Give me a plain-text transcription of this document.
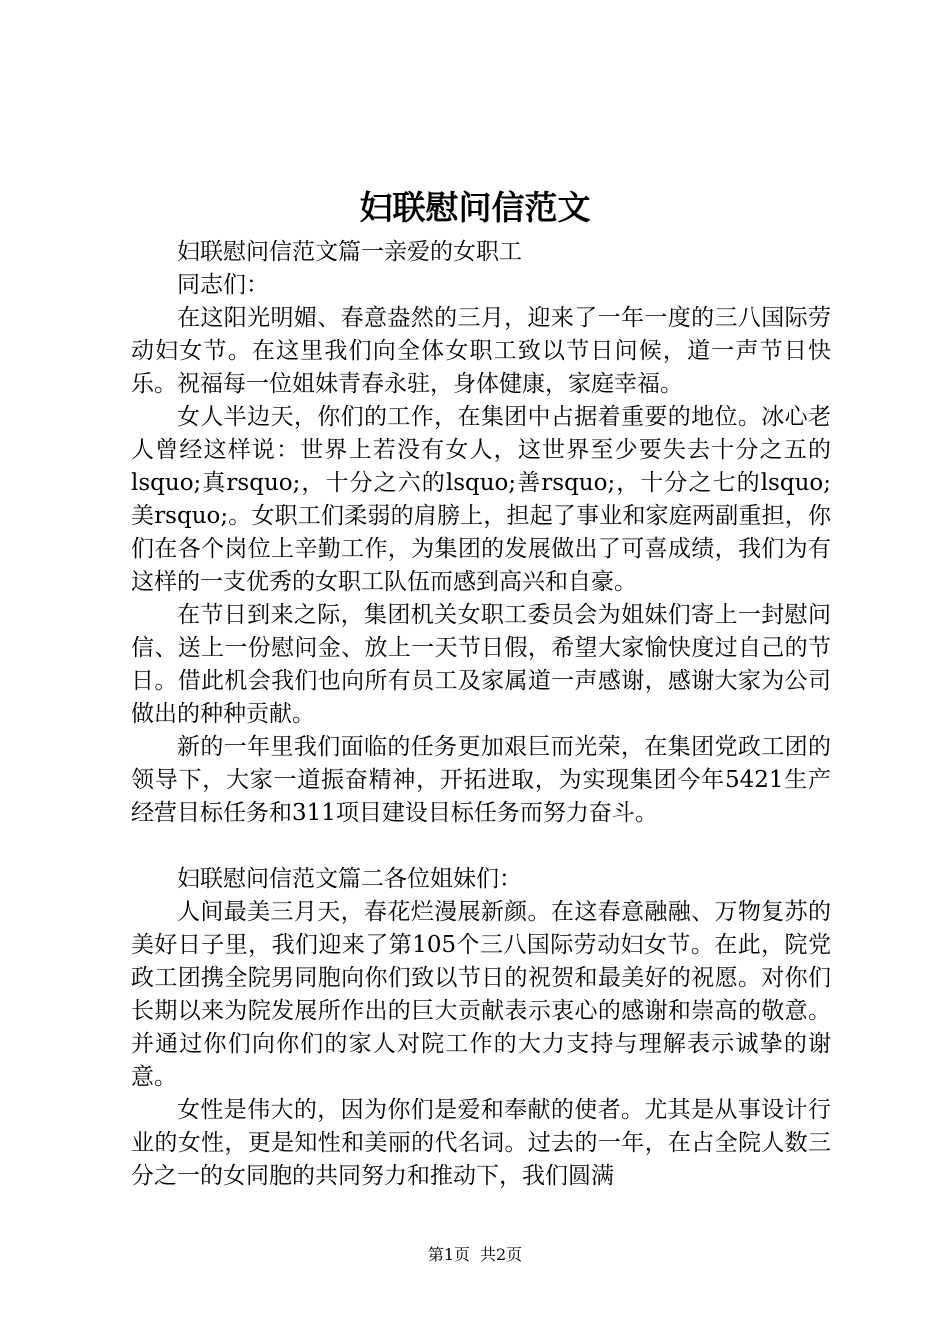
妇联慰问信范文

妇联慰问信范文篇一亲爱的女职工

同志们：

在这阳光明媚、春意盎然的三月，迎来了一年一度的三八国际劳动妇女节。在这里我们向全体女职工致以节日问候，道一声节日快乐。祝福每一位姐妹青春永驻，身体健康，家庭幸福。

女人半边天，你们的工作，在集团中占据着重要的地位。冰心老人曾经这样说：世界上若没有女人，这世界至少要失去十分之五的lsquo;真rsquo;，十分之六的lsquo;善rsquo;，十分之七的lsquo;美rsquo;。女职工们柔弱的肩膀上，担起了事业和家庭两副重担，你们在各个岗位上辛勤工作，为集团的发展做出了可喜成绩，我们为有这样的一支优秀的女职工队伍而感到高兴和自豪。

在节日到来之际，集团机关女职工委员会为姐妹们寄上一封慰问信、送上一份慰问金、放上一天节日假，希望大家愉快度过自己的节日。借此机会我们也向所有员工及家属道一声感谢，感谢大家为公司做出的种种贡献。

新的一年里我们面临的任务更加艰巨而光荣，在集团党政工团的领导下，大家一道振奋精神，开拓进取，为实现集团今年5421生产经营目标任务和311项目建设目标任务而努力奋斗。

妇联慰问信范文篇二各位姐妹们：

人间最美三月天，春花烂漫展新颜。在这春意融融、万物复苏的美好日子里，我们迎来了第105个三八国际劳动妇女节。在此，院党政工团携全院男同胞向你们致以节日的祝贺和最美好的祝愿。对你们长期以来为院发展所作出的巨大贡献表示衷心的感谢和崇高的敬意。并通过你们向你们的家人对院工作的大力支持与理解表示诚挚的谢意。

女性是伟大的，因为你们是爱和奉献的使者。尤其是从事设计行业的女性，更是知性和美丽的代名词。过去的一年，在占全院人数三分之一的女同胞的共同努力和推动下，我们圆满

第1页 共2页
